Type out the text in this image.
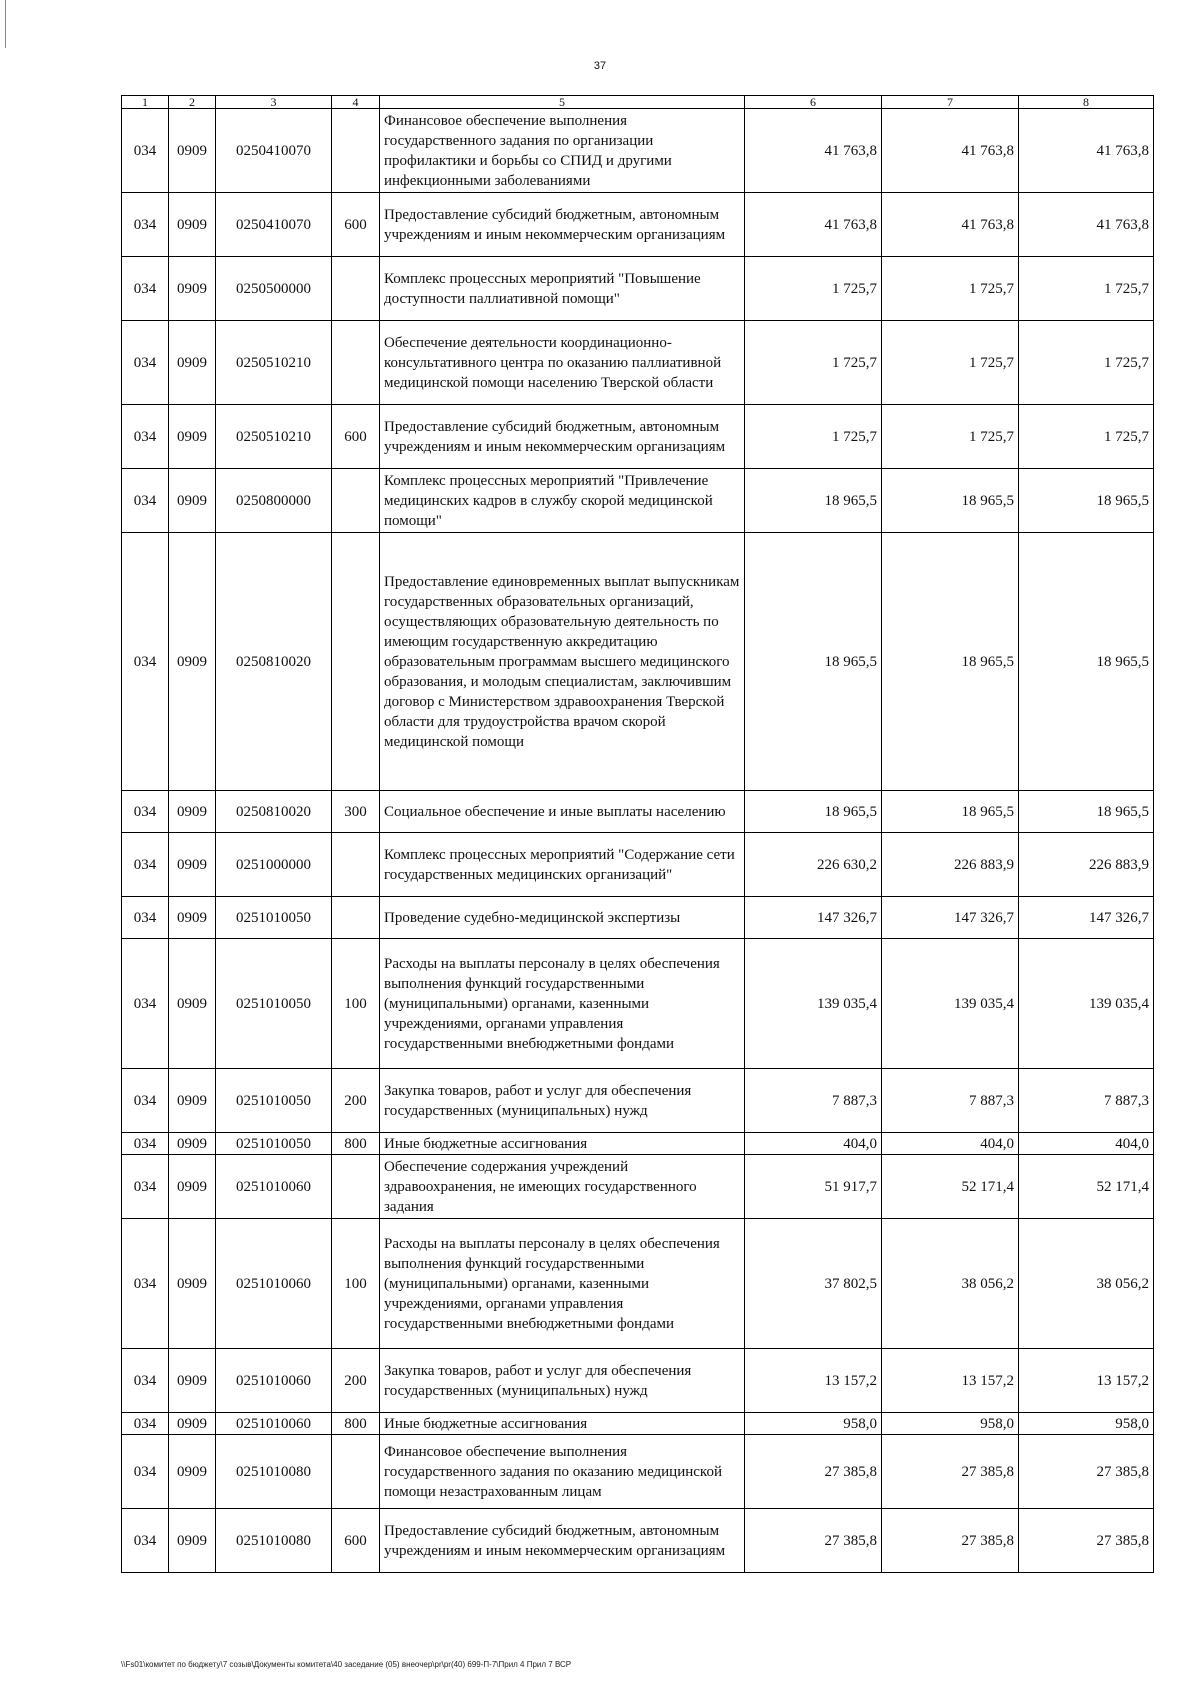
37
1	2	3	4	5	6	7	8
034	0909	0250410070		Финансовое обеспечение выполнения государственного задания по организации профилактики и борьбы со СПИД и другими инфекционными заболеваниями	41 763,8	41 763,8	41 763,8
034	0909	0250410070	600	Предоставление субсидий бюджетным, автономным учреждениям и иным некоммерческим организациям	41 763,8	41 763,8	41 763,8
034	0909	0250500000		Комплекс процессных мероприятий "Повышение доступности паллиативной помощи"	1 725,7	1 725,7	1 725,7
034	0909	0250510210		Обеспечение деятельности координационно-консультативного центра по оказанию паллиативной медицинской помощи населению Тверской области	1 725,7	1 725,7	1 725,7
034	0909	0250510210	600	Предоставление субсидий бюджетным, автономным учреждениям и иным некоммерческим организациям	1 725,7	1 725,7	1 725,7
034	0909	0250800000		Комплекс процессных мероприятий "Привлечение медицинских кадров в службу скорой медицинской помощи"	18 965,5	18 965,5	18 965,5
034	0909	0250810020		Предоставление единовременных выплат выпускникам государственных образовательных организаций, осуществляющих образовательную деятельность по имеющим государственную аккредитацию образовательным программам высшего медицинского образования, и молодым специалистам, заключившим договор с Министерством здравоохранения Тверской области для трудоустройства врачом скорой медицинской помощи	18 965,5	18 965,5	18 965,5
034	0909	0250810020	300	Социальное обеспечение и иные выплаты населению	18 965,5	18 965,5	18 965,5
034	0909	0251000000		Комплекс процессных мероприятий "Содержание сети государственных медицинских организаций"	226 630,2	226 883,9	226 883,9
034	0909	0251010050		Проведение судебно-медицинской экспертизы	147 326,7	147 326,7	147 326,7
034	0909	0251010050	100	Расходы на выплаты персоналу в целях обеспечения выполнения функций государственными (муниципальными) органами, казенными учреждениями, органами управления государственными внебюджетными фондами	139 035,4	139 035,4	139 035,4
034	0909	0251010050	200	Закупка товаров, работ и услуг для обеспечения государственных (муниципальных) нужд	7 887,3	7 887,3	7 887,3
034	0909	0251010050	800	Иные бюджетные ассигнования	404,0	404,0	404,0
034	0909	0251010060		Обеспечение содержания учреждений здравоохранения, не имеющих государственного задания	51 917,7	52 171,4	52 171,4
034	0909	0251010060	100	Расходы на выплаты персоналу в целях обеспечения выполнения функций государственными (муниципальными) органами, казенными учреждениями, органами управления государственными внебюджетными фондами	37 802,5	38 056,2	38 056,2
034	0909	0251010060	200	Закупка товаров, работ и услуг для обеспечения государственных (муниципальных) нужд	13 157,2	13 157,2	13 157,2
034	0909	0251010060	800	Иные бюджетные ассигнования	958,0	958,0	958,0
034	0909	0251010080		Финансовое обеспечение выполнения государственного задания по оказанию медицинской помощи незастрахованным лицам	27 385,8	27 385,8	27 385,8
034	0909	0251010080	600	Предоставление субсидий бюджетным, автономным учреждениям и иным некоммерческим организациям	27 385,8	27 385,8	27 385,8
\\Fs01\комитет по бюджету\7 созыв\Документы комитета\40 заседание (05) внеочер\pr\pr(40) 699-П-7\Прил 4 Прил 7 ВСР
